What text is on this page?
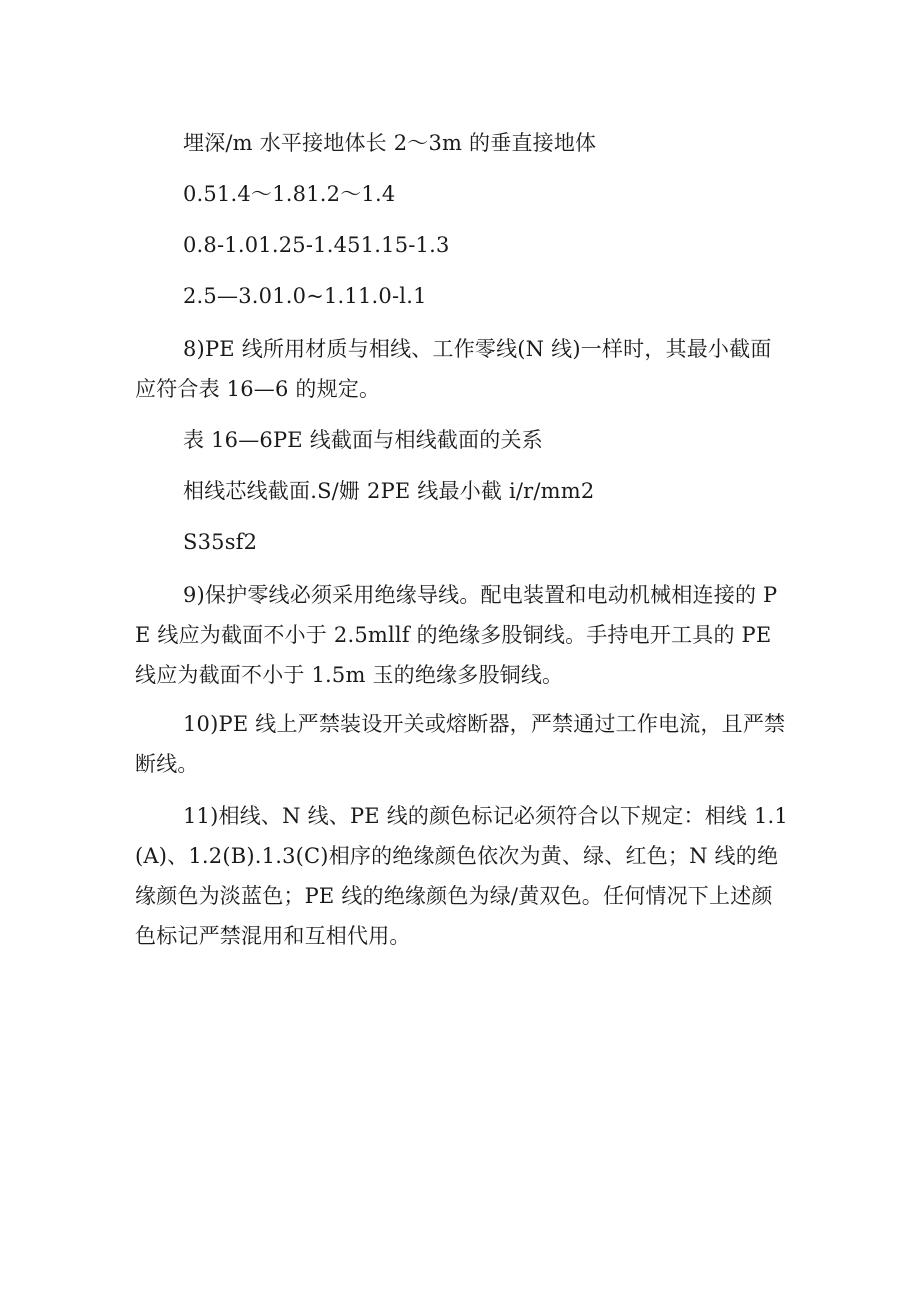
埋深/m 水平接地体长 2～3m 的垂直接地体

0.51.4～1.81.2～1.4

0.8-1.01.25-1.451.15-1.3

2.5—3.01.0~1.11.0-l.1

8)PE 线所用材质与相线、工作零线(N 线)一样时，其最小截面应符合表 16—6 的规定。

表 16—6PE 线截面与相线截面的关系

相线芯线截面.S/姗 2PE 线最小截 i/r/mm2

S35sf2

9)保护零线必须采用绝缘导线。配电装置和电动机械相连接的 PE 线应为截面不小于 2.5mllf 的绝缘多股铜线。手持电开工具的 PE 线应为截面不小于 1.5m 玉的绝缘多股铜线。

10)PE 线上严禁装设开关或熔断器，严禁通过工作电流，且严禁断线。

11)相线、N 线、PE 线的颜色标记必须符合以下规定：相线 1.1(A)、1.2(B).1.3(C)相序的绝缘颜色依次为黄、绿、红色；N 线的绝缘颜色为淡蓝色；PE 线的绝缘颜色为绿/黄双色。任何情况下上述颜色标记严禁混用和互相代用。
